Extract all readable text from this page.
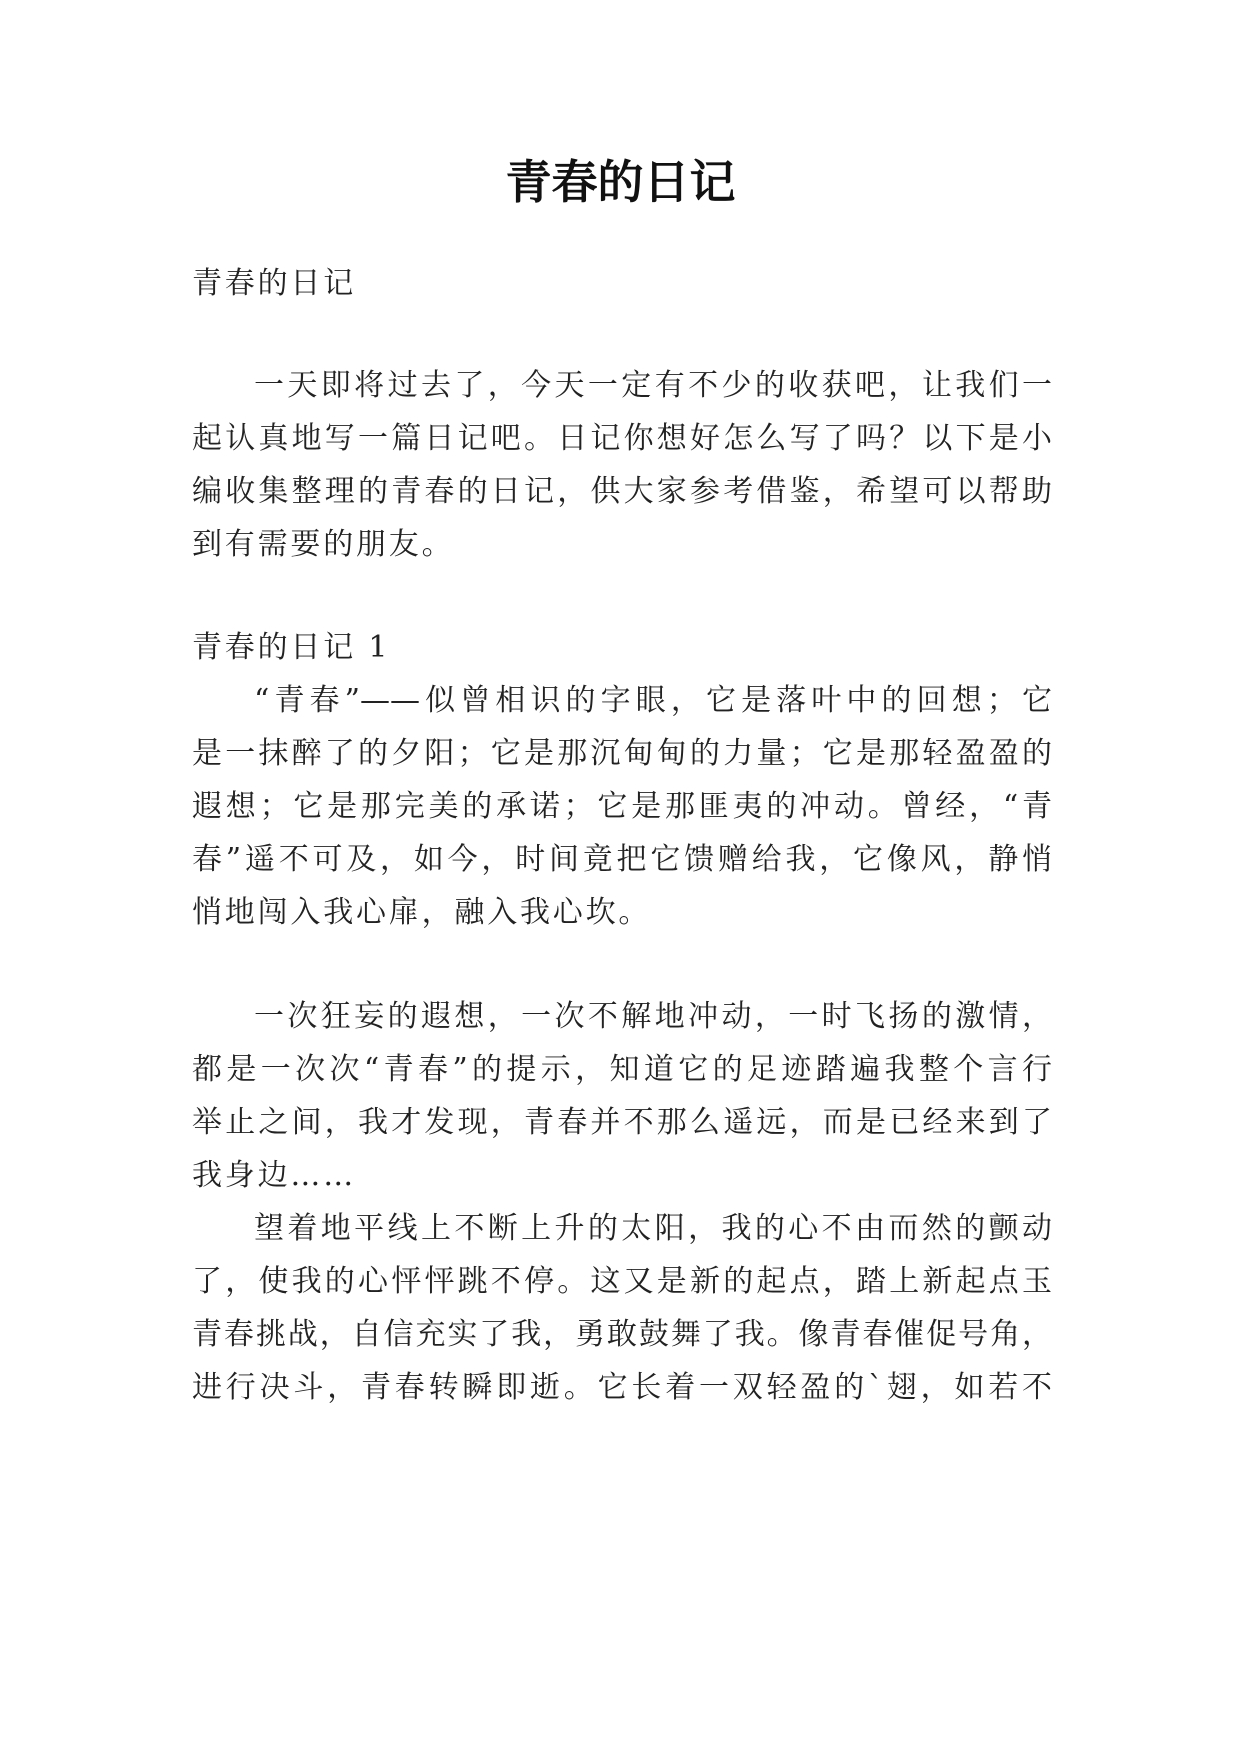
青春的日记
青春的日记
一天即将过去了，今天一定有不少的收获吧，让我们一
起认真地写一篇日记吧。日记你想好怎么写了吗？以下是小
编收集整理的青春的日记，供大家参考借鉴，希望可以帮助
到有需要的朋友。
青春的日记 1
“青春”——似曾相识的字眼，它是落叶中的回想；它
是一抹醉了的夕阳；它是那沉甸甸的力量；它是那轻盈盈的
遐想；它是那完美的承诺；它是那匪夷的冲动。曾经，“青
春”遥不可及，如今，时间竟把它馈赠给我，它像风，静悄
悄地闯入我心扉，融入我心坎。
一次狂妄的遐想，一次不解地冲动，一时飞扬的激情，
都是一次次“青春”的提示，知道它的足迹踏遍我整个言行
举止之间，我才发现，青春并不那么遥远，而是已经来到了
我身边……
望着地平线上不断上升的太阳，我的心不由而然的颤动
了，使我的心怦怦跳不停。这又是新的起点，踏上新起点玉
青春挑战，自信充实了我，勇敢鼓舞了我。像青春催促号角，
进行决斗，青春转瞬即逝。它长着一双轻盈的`翅，如若不
